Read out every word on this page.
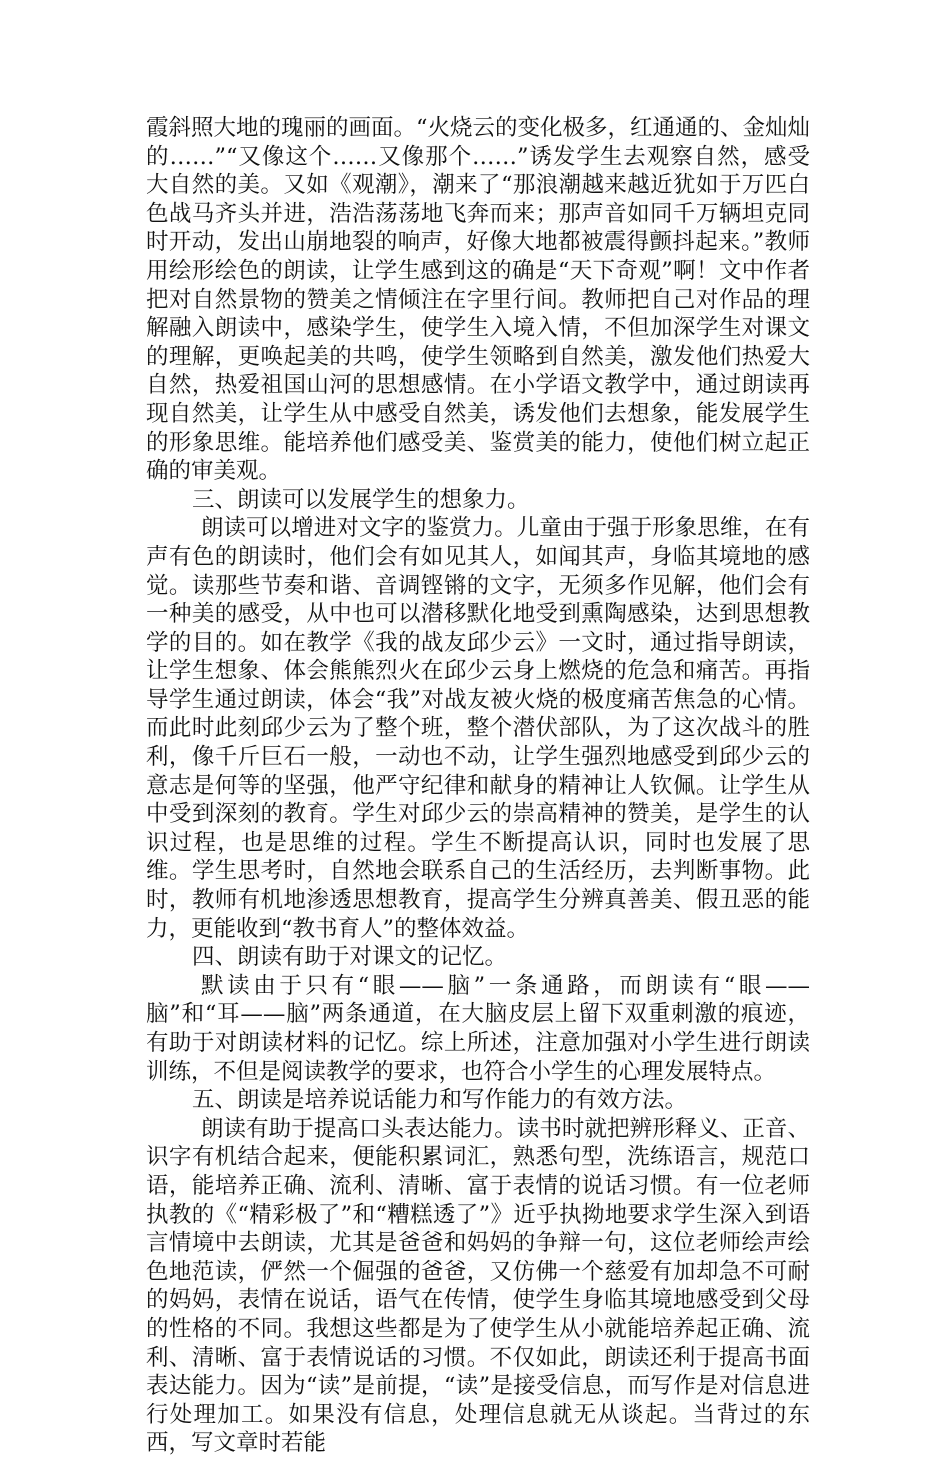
霞斜照大地的瑰丽的画面。“火烧云的变化极多，红通通的、金灿灿的……”“又像这个……又像那个……”诱发学生去观察自然，感受大自然的美。又如《观潮》，潮来了“那浪潮越来越近犹如于万匹白色战马齐头并进，浩浩荡荡地飞奔而来；那声音如同千万辆坦克同时开动，发出山崩地裂的响声，好像大地都被震得颤抖起来。”教师用绘形绘色的朗读，让学生感到这的确是“天下奇观”啊！文中作者把对自然景物的赞美之情倾注在字里行间。教师把自己对作品的理解融入朗读中，感染学生，使学生入境入情，不但加深学生对课文的理解，更唤起美的共鸣，使学生领略到自然美，激发他们热爱大自然，热爱祖国山河的思想感情。在小学语文教学中，通过朗读再现自然美，让学生从中感受自然美，诱发他们去想象，能发展学生的形象思维。能培养他们感受美、鉴赏美的能力，使他们树立起正确的审美观。

三、朗读可以发展学生的想象力。

朗读可以增进对文字的鉴赏力。儿童由于强于形象思维，在有声有色的朗读时，他们会有如见其人，如闻其声，身临其境地的感觉。读那些节奏和谐、音调铿锵的文字，无须多作见解，他们会有一种美的感受，从中也可以潜移默化地受到熏陶感染，达到思想教学的目的。如在教学《我的战友邱少云》一文时，通过指导朗读，让学生想象、体会熊熊烈火在邱少云身上燃烧的危急和痛苦。再指导学生通过朗读，体会“我”对战友被火烧的极度痛苦焦急的心情。而此时此刻邱少云为了整个班，整个潜伏部队，为了这次战斗的胜利，像千斤巨石一般，一动也不动，让学生强烈地感受到邱少云的意志是何等的坚强，他严守纪律和献身的精神让人钦佩。让学生从中受到深刻的教育。学生对邱少云的崇高精神的赞美，是学生的认识过程，也是思维的过程。学生不断提高认识，同时也发展了思维。学生思考时，自然地会联系自己的生活经历，去判断事物。此时，教师有机地渗透思想教育，提高学生分辨真善美、假丑恶的能力，更能收到“教书育人”的整体效益。

四、朗读有助于对课文的记忆。

默读由于只有“眼——脑”一条通路，而朗读有“眼——脑”和“耳——脑”两条通道，在大脑皮层上留下双重刺激的痕迹，有助于对朗读材料的记忆。综上所述，注意加强对小学生进行朗读训练，不但是阅读教学的要求，也符合小学生的心理发展特点。

五、朗读是培养说话能力和写作能力的有效方法。

朗读有助于提高口头表达能力。读书时就把辨形释义、正音、识字有机结合起来，便能积累词汇，熟悉句型，洗练语言，规范口语，能培养正确、流利、清晰、富于表情的说话习惯。有一位老师执教的《“精彩极了”和“糟糕透了”》近乎执拗地要求学生深入到语言情境中去朗读，尤其是爸爸和妈妈的争辩一句，这位老师绘声绘色地范读，俨然一个倔强的爸爸，又仿佛一个慈爱有加却急不可耐的妈妈，表情在说话，语气在传情，使学生身临其境地感受到父母的性格的不同。我想这些都是为了使学生从小就能培养起正确、流利、清晰、富于表情说话的习惯。不仅如此，朗读还利于提高书面表达能力。因为“读”是前提，“读”是接受信息，而写作是对信息进行处理加工。如果没有信息，处理信息就无从谈起。当背过的东西，写文章时若能
